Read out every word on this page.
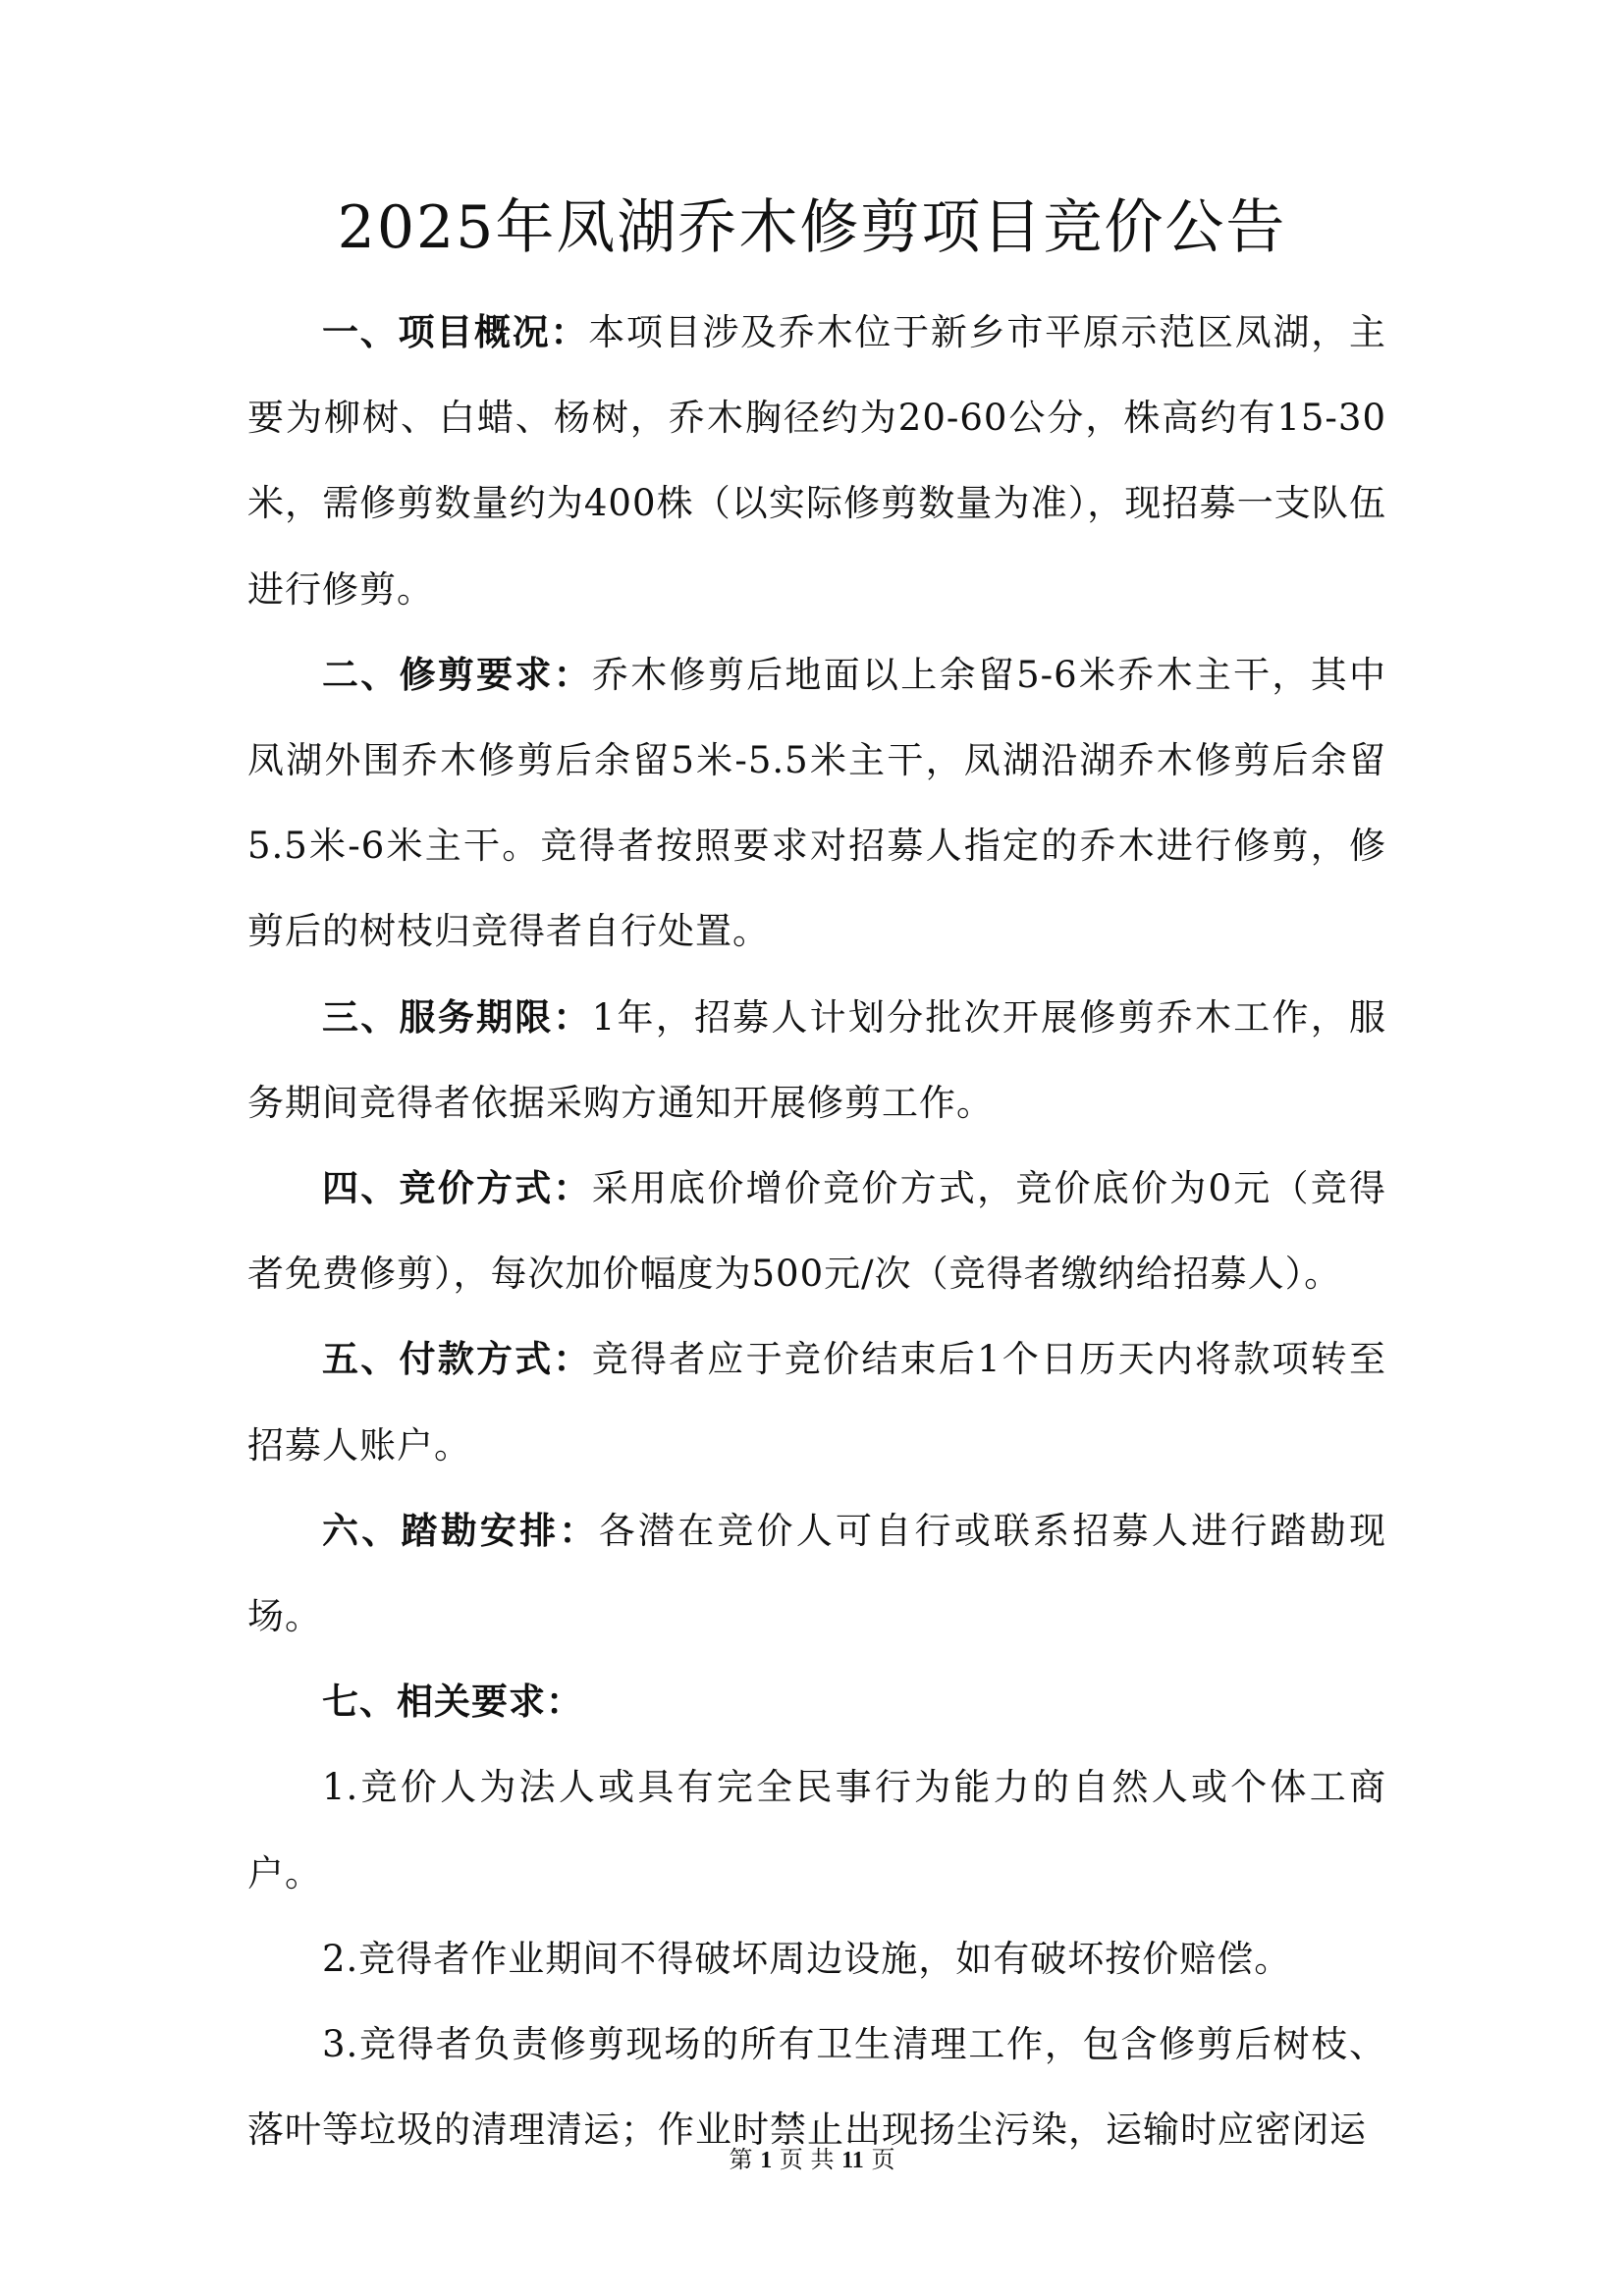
2025年凤湖乔木修剪项目竞价公告

一、项目概况：本项目涉及乔木位于新乡市平原示范区凤湖，主要为柳树、白蜡、杨树，乔木胸径约为20-60公分，株高约有15-30米，需修剪数量约为400株（以实际修剪数量为准），现招募一支队伍进行修剪。

二、修剪要求：乔木修剪后地面以上余留5-6米乔木主干，其中凤湖外围乔木修剪后余留5米-5.5米主干，凤湖沿湖乔木修剪后余留5.5米-6米主干。竞得者按照要求对招募人指定的乔木进行修剪，修剪后的树枝归竞得者自行处置。

三、服务期限：1年，招募人计划分批次开展修剪乔木工作，服务期间竞得者依据采购方通知开展修剪工作。

四、竞价方式：采用底价增价竞价方式，竞价底价为0元（竞得者免费修剪），每次加价幅度为500元/次（竞得者缴纳给招募人）。

五、付款方式：竞得者应于竞价结束后1个日历天内将款项转至招募人账户。

六、踏勘安排：各潜在竞价人可自行或联系招募人进行踏勘现场。

七、相关要求：

1.竞价人为法人或具有完全民事行为能力的自然人或个体工商户。

2.竞得者作业期间不得破坏周边设施，如有破坏按价赔偿。

3.竞得者负责修剪现场的所有卫生清理工作，包含修剪后树枝、落叶等垃圾的清理清运；作业时禁止出现扬尘污染，运输时应密闭运

第 1 页 共 11 页
